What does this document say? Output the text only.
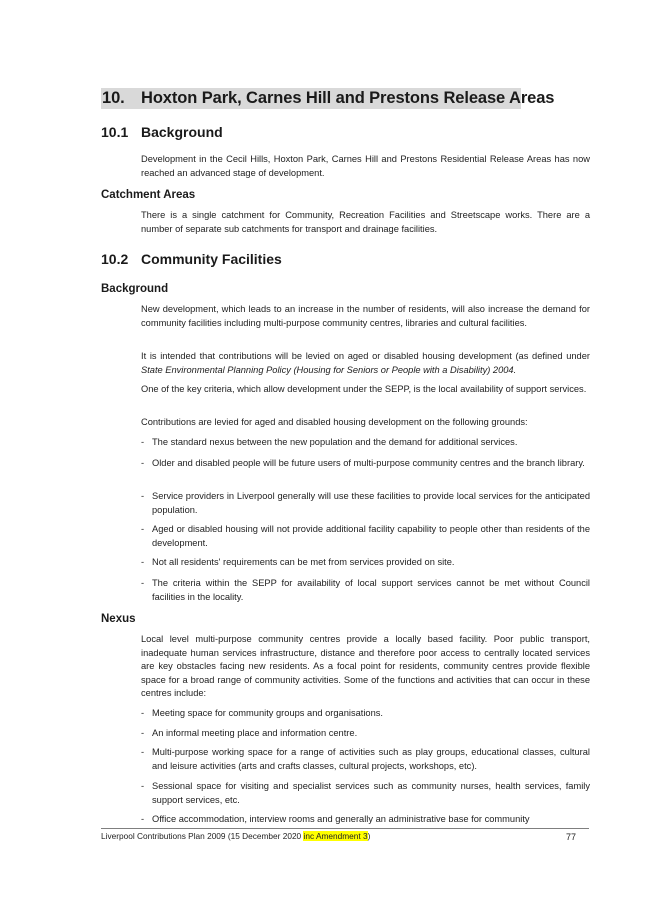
10. Hoxton Park, Carnes Hill and Prestons Release Areas
10.1 Background
Development in the Cecil Hills, Hoxton Park, Carnes Hill and Prestons Residential Release Areas has now reached an advanced stage of development.
Catchment Areas
There is a single catchment for Community, Recreation Facilities and Streetscape works. There are a number of separate sub catchments for transport and drainage facilities.
10.2 Community Facilities
Background
New development, which leads to an increase in the number of residents, will also increase the demand for community facilities including multi-purpose community centres, libraries and cultural facilities.
It is intended that contributions will be levied on aged or disabled housing development (as defined under State Environmental Planning Policy (Housing for Seniors or People with a Disability) 2004.
One of the key criteria, which allow development under the SEPP, is the local availability of support services.
Contributions are levied for aged and disabled housing development on the following grounds:
- The standard nexus between the new population and the demand for additional services.
- Older and disabled people will be future users of multi-purpose community centres and the branch library.
- Service providers in Liverpool generally will use these facilities to provide local services for the anticipated population.
- Aged or disabled housing will not provide additional facility capability to people other than residents of the development.
- Not all residents' requirements can be met from services provided on site.
- The criteria within the SEPP for availability of local support services cannot be met without Council facilities in the locality.
Nexus
Local level multi-purpose community centres provide a locally based facility. Poor public transport, inadequate human services infrastructure, distance and therefore poor access to centrally located services are key obstacles facing new residents. As a focal point for residents, community centres provide flexible space for a broad range of community activities. Some of the functions and activities that can occur in these centres include:
- Meeting space for community groups and organisations.
- An informal meeting place and information centre.
- Multi-purpose working space for a range of activities such as play groups, educational classes, cultural and leisure activities (arts and crafts classes, cultural projects, workshops, etc).
- Sessional space for visiting and specialist services such as community nurses, health services, family support services, etc.
- Office accommodation, interview rooms and generally an administrative base for community
Liverpool Contributions Plan 2009 (15 December 2020 inc Amendment 3)	77
